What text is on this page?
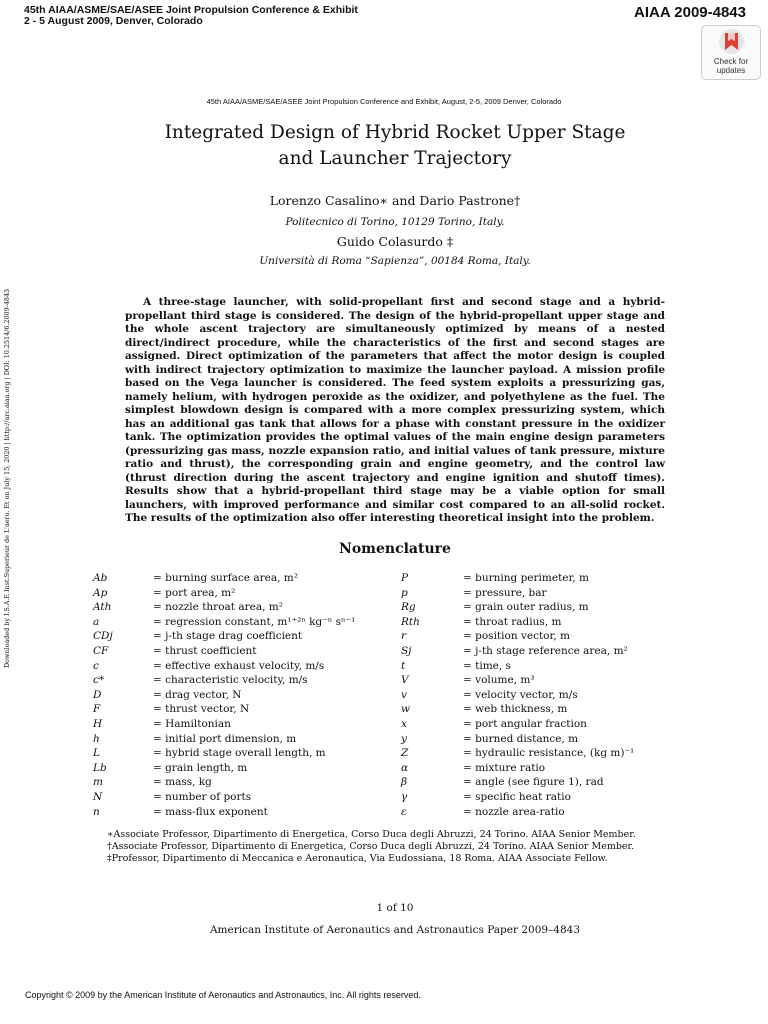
45th AIAA/ASME/SAE/ASEE Joint Propulsion Conference & Exhibit
2 - 5 August 2009, Denver, Colorado	AIAA 2009-4843
Check for
updates
45th AIAA/ASME/SAE/ASEE Joint Propulsion Conference and Exhibit, August, 2-5, 2009 Denver, Colorado
Integrated Design of Hybrid Rocket Upper Stage
and Launcher Trajectory
Lorenzo Casalino∗ and Dario Pastrone†
Politecnico di Torino, 10129 Torino, Italy.
Guido Colasurdo ‡
Università di Roma “Sapienza”, 00184 Roma, Italy.
Downloaded by I.S.A.E Inst.Superieur de L'aero. Et on July 15, 2020 | http://arc.aiaa.org | DOI: 10.2514/6.2009-4843	A three-stage launcher, with solid-propellant first and second stage and a hybrid-propellant third stage is considered. The design of the hybrid-propellant upper stage and the whole ascent trajectory are simultaneously optimized by means of a nested direct/indirect procedure, while the characteristics of the first and second stages are assigned. Direct optimization of the parameters that affect the motor design is coupled with indirect trajectory optimization to maximize the launcher payload. A mission profile based on the Vega launcher is considered. The feed system exploits a pressurizing gas, namely helium, with hydrogen peroxide as the oxidizer, and polyethylene as the fuel. The simplest blowdown design is compared with a more complex pressurizing system, which has an additional gas tank that allows for a phase with constant pressure in the oxidizer tank. The optimization provides the optimal values of the main engine design parameters (pressurizing gas mass, nozzle expansion ratio, and initial values of tank pressure, mixture ratio and thrust), the corresponding grain and engine geometry, and the control law (thrust direction during the ascent trajectory and engine ignition and shutoff times). Results show that a hybrid-propellant third stage may be a viable option for small launchers, with improved performance and similar cost compared to an all-solid rocket. The results of the optimization also offer interesting theoretical insight into the problem.
Nomenclature
Ab	= burning surface area, m²	P	= burning perimeter, m
Ap	= port area, m²	p	= pressure, bar
Ath	= nozzle throat area, m²	Rg	= grain outer radius, m
a	= regression constant, m¹⁺²ⁿ kg⁻ⁿ sⁿ⁻¹	Rth	= throat radius, m
CDj	= j-th stage drag coefficient	r	= position vector, m
CF	= thrust coefficient	Sj	= j-th stage reference area, m²
c	= effective exhaust velocity, m/s	t	= time, s
c*	= characteristic velocity, m/s	V	= volume, m³
D	= drag vector, N	v	= velocity vector, m/s
F	= thrust vector, N	w	= web thickness, m
H	= Hamiltonian	x	= port angular fraction
h	= initial port dimension, m	y	= burned distance, m
L	= hybrid stage overall length, m	Z	= hydraulic resistance, (kg m)⁻¹
Lb	= grain length, m	α	= mixture ratio
m	= mass, kg	β	= angle (see figure 1), rad
N	= number of ports	γ	= specific heat ratio
n	= mass-flux exponent	ε	= nozzle area-ratio
∗Associate Professor, Dipartimento di Energetica, Corso Duca degli Abruzzi, 24 Torino. AIAA Senior Member.
†Associate Professor, Dipartimento di Energetica, Corso Duca degli Abruzzi, 24 Torino. AIAA Senior Member.
‡Professor, Dipartimento di Meccanica e Aeronautica, Via Eudossiana, 18 Roma. AIAA Associate Fellow.
1 of 10
American Institute of Aeronautics and Astronautics Paper 2009–4843
Copyright © 2009 by the American Institute of Aeronautics and Astronautics, Inc. All rights reserved.
